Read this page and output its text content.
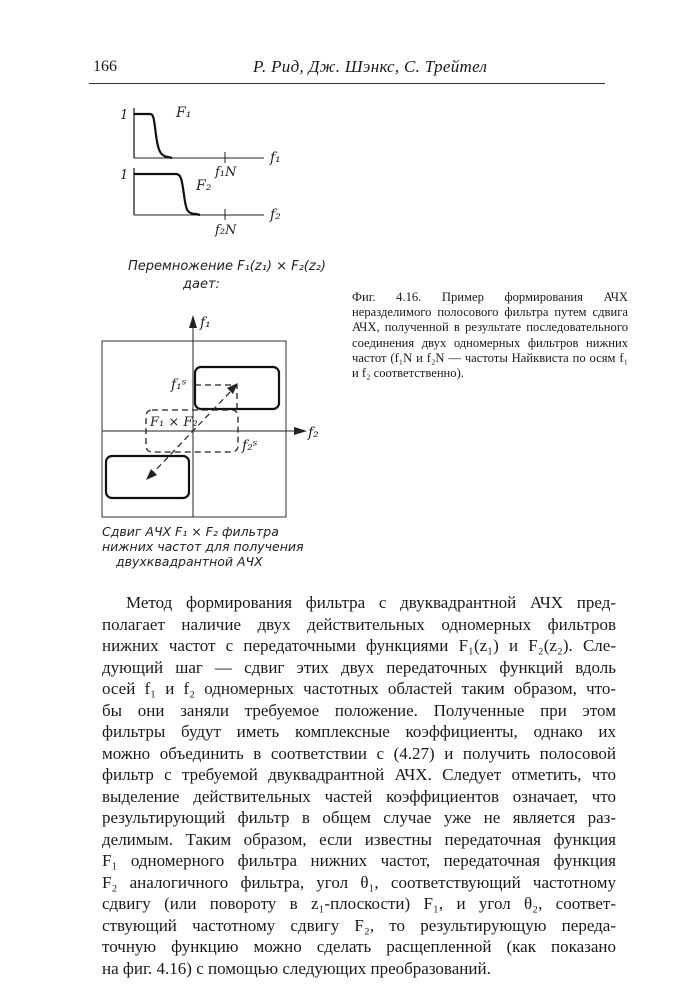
166	Р. Рид, Дж. Шэнкс, С. Трейтел
1	F₁
f₁
f₁N
1
F₂
f₂
f₂N
f₁
f₂
F₁ × F₂
f₁ˢ
f₂ˢ
Перемножение F₁(z₁) × F₂(z₂)
дает:
Сдвиг АЧХ F₁ × F₂ фильтра
нижних частот для получения
двухквадрантной АЧХ
Фиг. 4.16. Пример формирования АЧХ неразделимого полосового фильтра путем сдвига АЧХ, полученной в результате последовательного соединения двух одномерных фильтров нижних частот (f₁N и f₂N — частоты Найквиста по осям f₁ и f₂ соответственно).
Метод формирования фильтра с двуквадрантной АЧХ пред-
полагает наличие двух действительных одномерных фильтров
нижних частот с передаточными функциями F₁(z₁) и F₂(z₂). Сле-
дующий шаг — сдвиг этих двух передаточных функций вдоль
осей f₁ и f₂ одномерных частотных областей таким образом, что-
бы они заняли требуемое положение. Полученные при этом
фильтры будут иметь комплексные коэффициенты, однако их
можно объединить в соответствии с (4.27) и получить полосовой
фильтр с требуемой двуквадрантной АЧХ. Следует отметить, что
выделение действительных частей коэффициентов означает, что
результирующий фильтр в общем случае уже не является раз-
делимым. Таким образом, если известны передаточная функция
F₁ одномерного фильтра нижних частот, передаточная функция
F₂ аналогичного фильтра, угол θ₁, соответствующий частотному
сдвигу (или повороту в z₁-плоскости) F₁, и угол θ₂, соответ-
ствующий частотному сдвигу F₂, то результирующую переда-
точную функцию можно сделать расщепленной (как показано
на фиг. 4.16) с помощью следующих преобразований.
